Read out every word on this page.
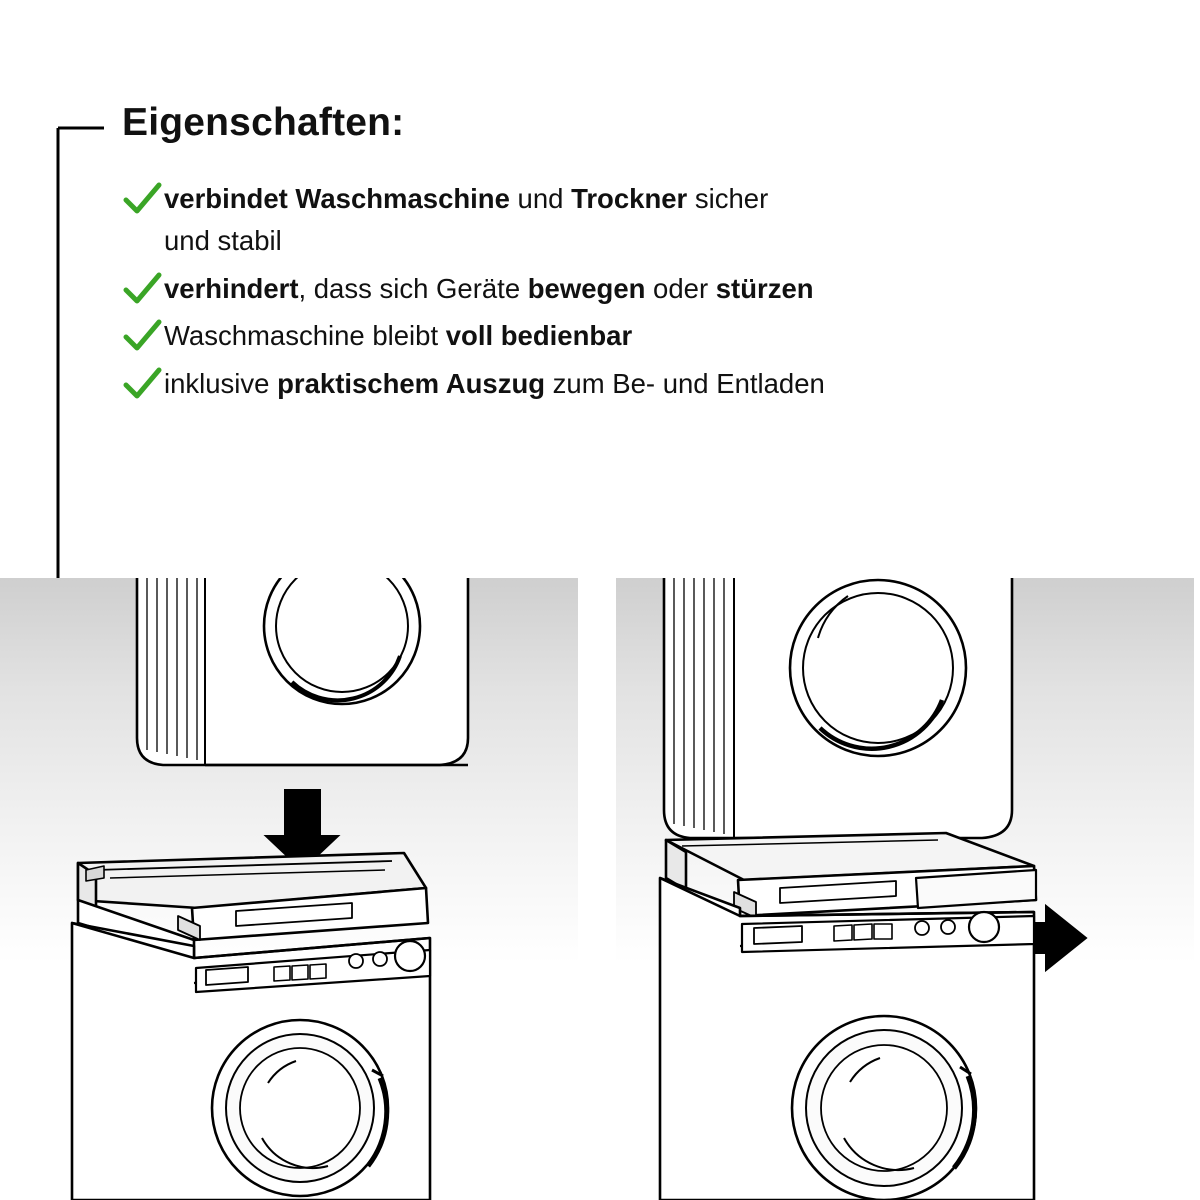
Eigenschaften:
verbindet Waschmaschine und Trockner sicher
und stabil
verhindert, dass sich Geräte bewegen oder stürzen
Waschmaschine bleibt voll bedienbar
inklusive praktischem Auszug zum Be- und Entladen
